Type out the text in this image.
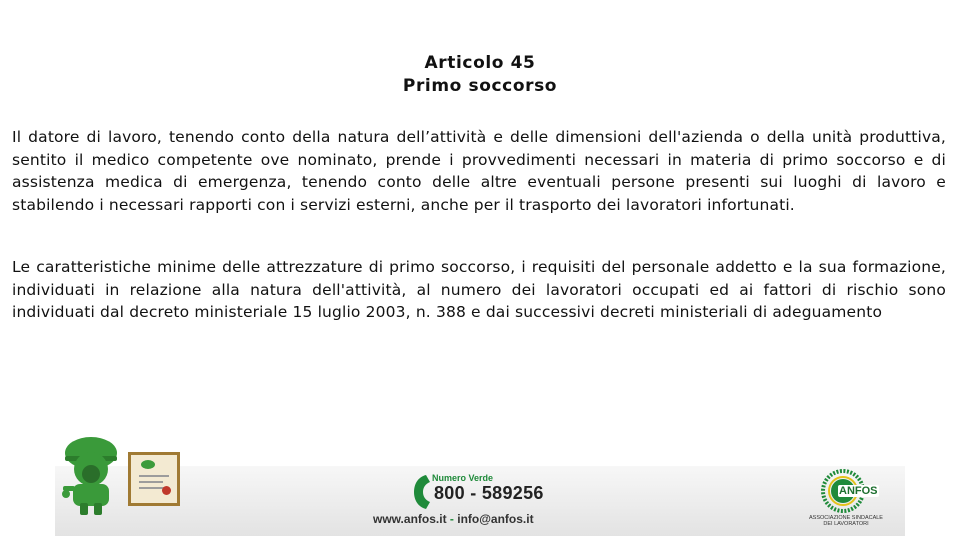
Articolo 45
Primo soccorso

Il datore di lavoro, tenendo conto della natura dell’attività e delle dimensioni dell'azienda o della unità produttiva, sentito il medico competente ove nominato, prende i provvedimenti necessari in materia di primo soccorso e di assistenza medica di emergenza, tenendo conto delle altre eventuali persone presenti sui luoghi di lavoro e stabilendo i necessari rapporti con i servizi esterni, anche per il trasporto dei lavoratori infortunati.

Le caratteristiche minime delle attrezzature di primo soccorso, i requisiti del personale addetto e la sua formazione, individuati in relazione alla natura dell'attività, al numero dei lavoratori occupati ed ai fattori di rischio sono individuati dal decreto ministeriale 15 luglio 2003, n. 388 e dai successivi decreti ministeriali di adeguamento

Numero Verde
800 - 589256
www.anfos.it - info@anfos.it
ANFOS
ASSOCIAZIONE SINDACALE DEI LAVORATORI
